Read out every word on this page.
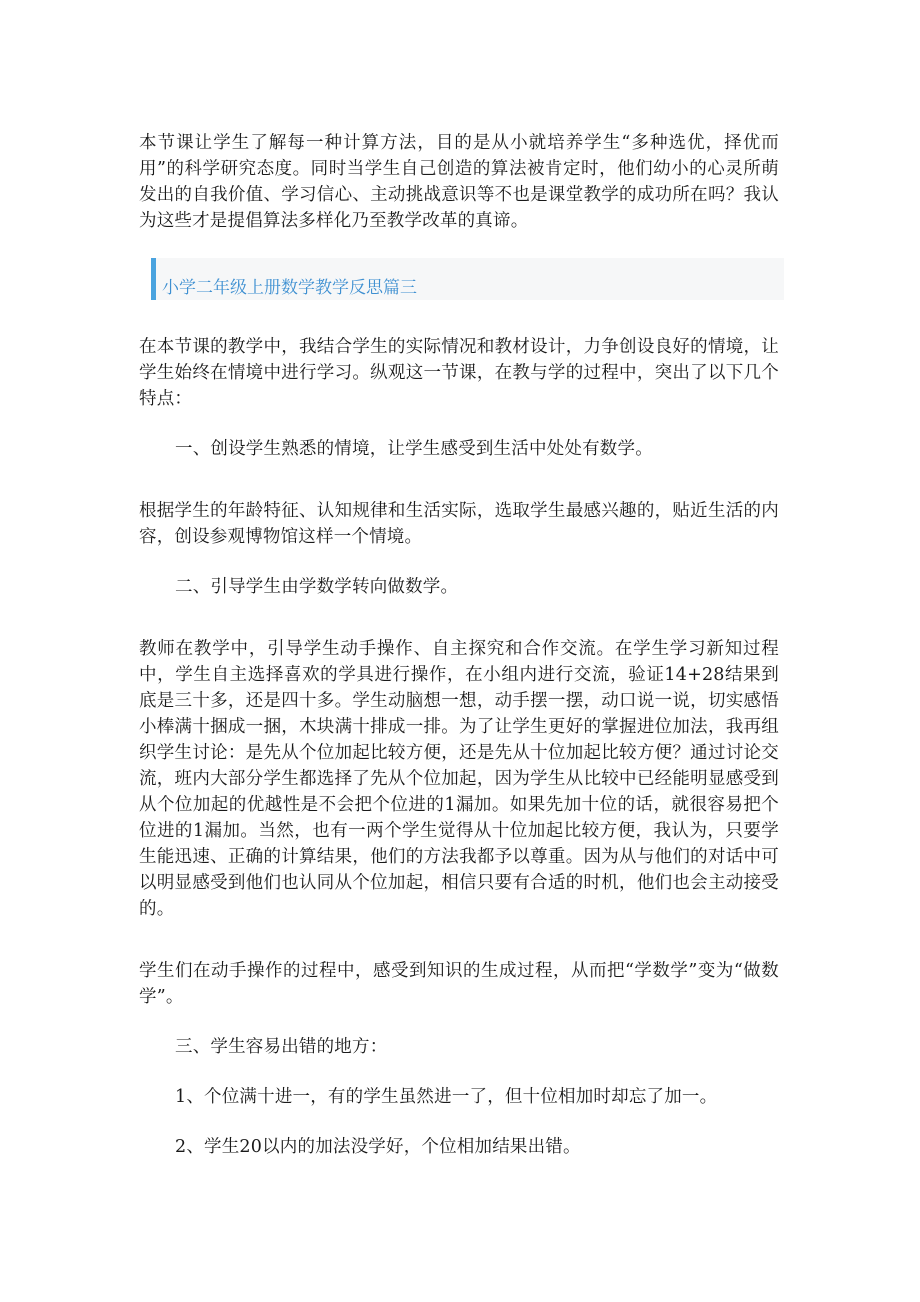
本节课让学生了解每一种计算方法，目的是从小就培养学生“多种选优，择优而用”的科学研究态度。同时当学生自己创造的算法被肯定时，他们幼小的心灵所萌发出的自我价值、学习信心、主动挑战意识等不也是课堂教学的成功所在吗？我认为这些才是提倡算法多样化乃至教学改革的真谛。

小学二年级上册数学教学反思篇三

在本节课的教学中，我结合学生的实际情况和教材设计，力争创设良好的情境，让学生始终在情境中进行学习。纵观这一节课，在教与学的过程中，突出了以下几个特点：

一、创设学生熟悉的情境，让学生感受到生活中处处有数学。

根据学生的年龄特征、认知规律和生活实际，选取学生最感兴趣的，贴近生活的内容，创设参观博物馆这样一个情境。

二、引导学生由学数学转向做数学。

教师在教学中，引导学生动手操作、自主探究和合作交流。在学生学习新知过程中，学生自主选择喜欢的学具进行操作，在小组内进行交流，验证14+28结果到底是三十多，还是四十多。学生动脑想一想，动手摆一摆，动口说一说，切实感悟小棒满十捆成一捆，木块满十排成一排。为了让学生更好的掌握进位加法，我再组织学生讨论：是先从个位加起比较方便，还是先从十位加起比较方便？通过讨论交流，班内大部分学生都选择了先从个位加起，因为学生从比较中已经能明显感受到从个位加起的优越性是不会把个位进的1漏加。如果先加十位的话，就很容易把个位进的1漏加。当然，也有一两个学生觉得从十位加起比较方便，我认为，只要学生能迅速、正确的计算结果，他们的方法我都予以尊重。因为从与他们的对话中可以明显感受到他们也认同从个位加起，相信只要有合适的时机，他们也会主动接受的。

学生们在动手操作的过程中，感受到知识的生成过程，从而把“学数学”变为“做数学”。

三、学生容易出错的地方：

1、个位满十进一，有的学生虽然进一了，但十位相加时却忘了加一。

2、学生20以内的加法没学好，个位相加结果出错。
